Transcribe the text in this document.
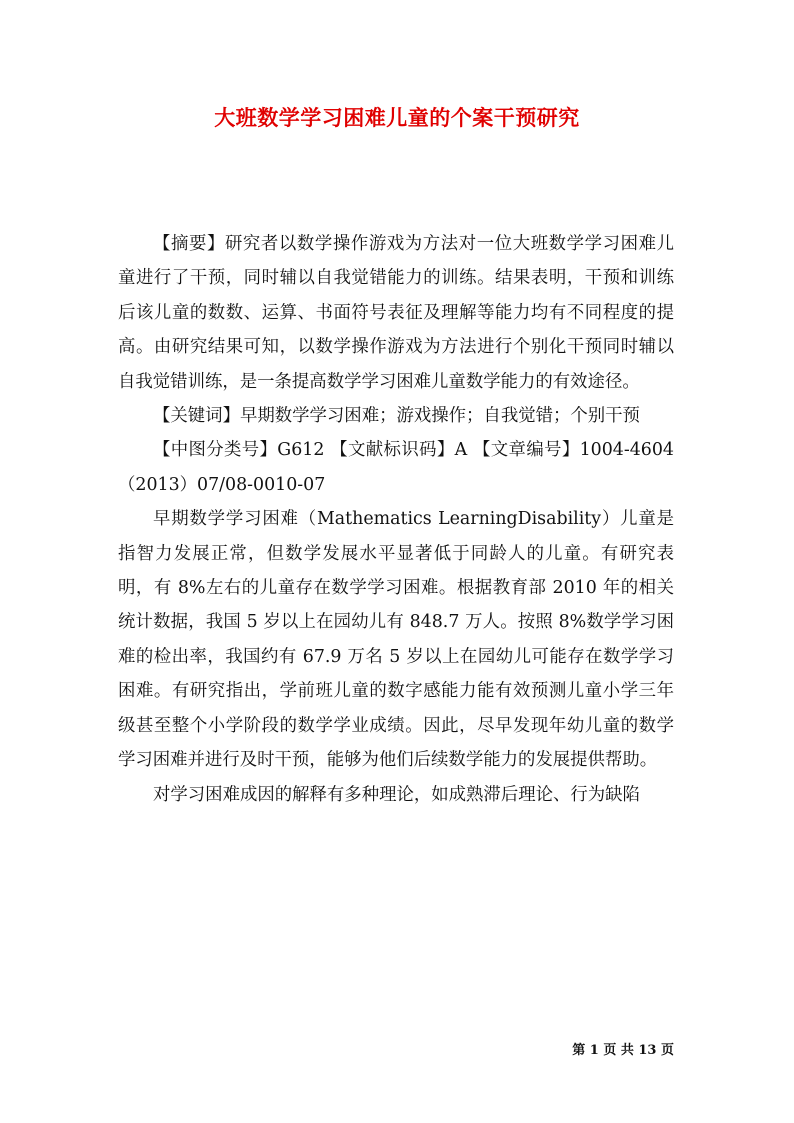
大班数学学习困难儿童的个案干预研究

【摘要】研究者以数学操作游戏为方法对一位大班数学学习困难儿童进行了干预，同时辅以自我觉错能力的训练。结果表明，干预和训练后该儿童的数数、运算、书面符号表征及理解等能力均有不同程度的提高。由研究结果可知，以数学操作游戏为方法进行个别化干预同时辅以自我觉错训练，是一条提高数学学习困难儿童数学能力的有效途径。

【关键词】早期数学学习困难；游戏操作；自我觉错；个别干预

【中图分类号】G612 【文献标识码】A 【文章编号】1004-4604（2013）07/08-0010-07

早期数学学习困难（Mathematics LearningDisability）儿童是指智力发展正常，但数学发展水平显著低于同龄人的儿童。有研究表明，有 8%左右的儿童存在数学学习困难。根据教育部 2010 年的相关统计数据，我国 5 岁以上在园幼儿有 848.7 万人。按照 8%数学学习困难的检出率，我国约有 67.9 万名 5 岁以上在园幼儿可能存在数学学习困难。有研究指出，学前班儿童的数字感能力能有效预测儿童小学三年级甚至整个小学阶段的数学学业成绩。因此，尽早发现年幼儿童的数学学习困难并进行及时干预，能够为他们后续数学能力的发展提供帮助。

对学习困难成因的解释有多种理论，如成熟滞后理论、行为缺陷

第 1 页 共 13 页
